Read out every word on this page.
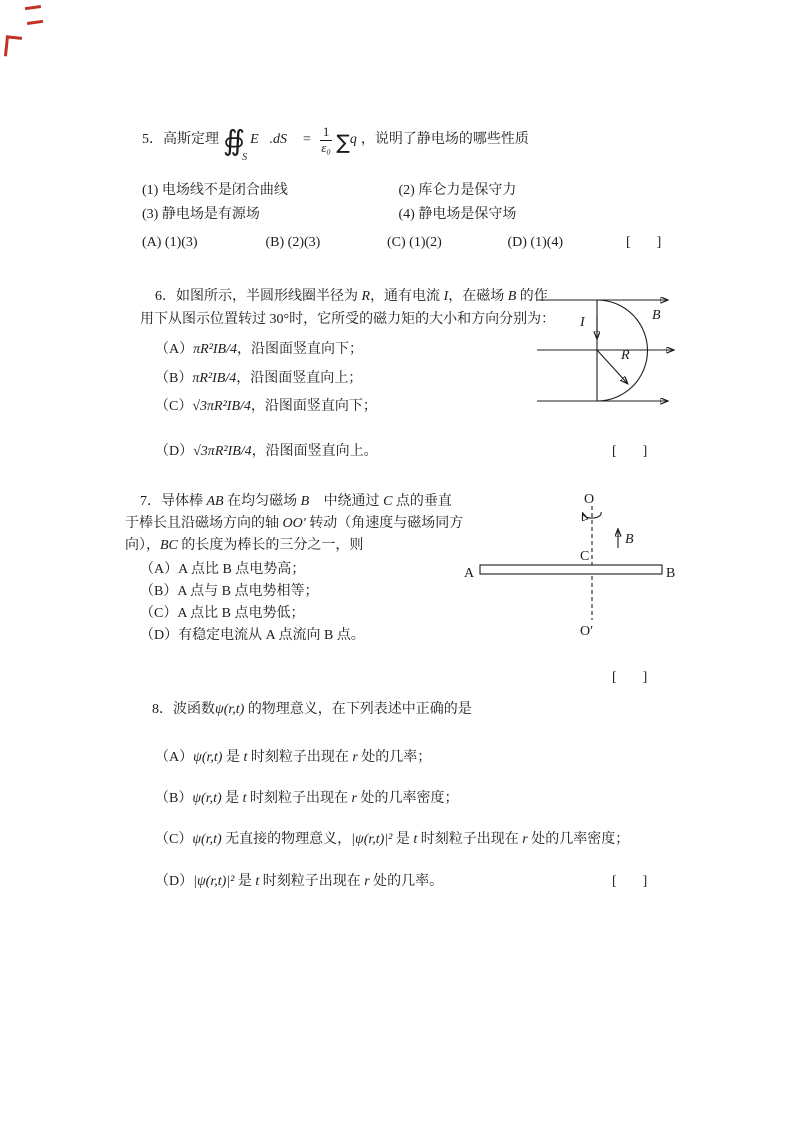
5．高斯定理 $∯_S$
E⃗.dS⃗ = $\frac{1}{\text{ε₀}}$ ∑ q ，说明了静电场的哪些性质
(1) 电场线不是闭合曲线	(2) 库仑力是保守力
(3) 静电场是有源场	(4) 静电场是保守场
(A) (1)(3)	(B) (2)(3)	(C) (1)(2)	(D) (1)(4)	[ ]
6．如图所示，半圆形线圈半径为 R，通有电流 I，在磁场 B 的作
用下从图示位置转过 30°时，它所受的磁力矩的大小和方向分别为：
（A）πR²IB/4，沿图面竖直向下；
（B）πR²IB/4，沿图面竖直向上；
（C）√3πR²IB/4，沿图面竖直向下；
（D）√3πR²IB/4，沿图面竖直向上。	[ ]
I
R
B⃗
7．导体棒 AB 在均匀磁场 B⃗ 中绕通过 C 点的垂直
于棒长且沿磁场方向的轴 OO′ 转动（角速度与磁场同方
向），BC 的长度为棒长的三分之一，则
（A）A 点比 B 点电势高；
（B）A 点与 B 点电势相等；
（C）A 点比 B 点电势低；
（D）有稳定电流从 A 点流向 B 点。
[ ]
O
B⃗
C
A	B
O′
8．波函数ψ(r,t) 的物理意义，在下列表述中正确的是
（A）ψ(r,t) 是 t 时刻粒子出现在 r 处的几率；
（B）ψ(r,t) 是 t 时刻粒子出现在 r 处的几率密度；
（C）ψ(r,t) 无直接的物理意义，|ψ(r,t)|² 是 t 时刻粒子出现在 r 处的几率密度；
（D）|ψ(r,t)|² 是 t 时刻粒子出现在 r 处的几率。	[ ]
